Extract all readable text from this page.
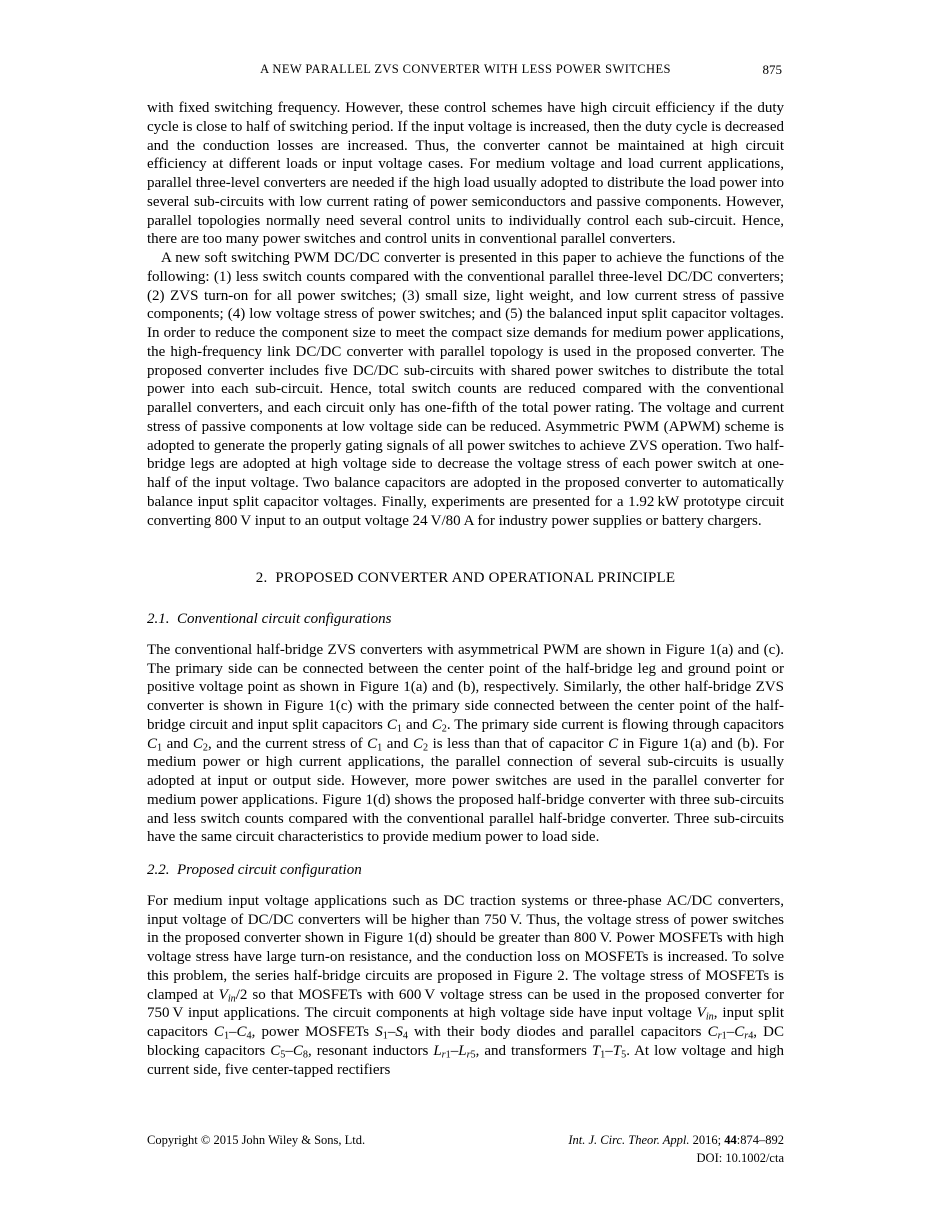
A NEW PARALLEL ZVS CONVERTER WITH LESS POWER SWITCHES	875

with fixed switching frequency. However, these control schemes have high circuit efficiency if the duty cycle is close to half of switching period. If the input voltage is increased, then the duty cycle is decreased and the conduction losses are increased. Thus, the converter cannot be maintained at high circuit efficiency at different loads or input voltage cases. For medium voltage and load current applications, parallel three-level converters are needed if the high load usually adopted to distribute the load power into several sub-circuits with low current rating of power semiconductors and passive components. However, parallel topologies normally need several control units to individually control each sub-circuit. Hence, there are too many power switches and control units in conventional parallel converters.

A new soft switching PWM DC/DC converter is presented in this paper to achieve the functions of the following: (1) less switch counts compared with the conventional parallel three-level DC/DC converters; (2) ZVS turn-on for all power switches; (3) small size, light weight, and low current stress of passive components; (4) low voltage stress of power switches; and (5) the balanced input split capacitor voltages. In order to reduce the component size to meet the compact size demands for medium power applications, the high-frequency link DC/DC converter with parallel topology is used in the proposed converter. The proposed converter includes five DC/DC sub-circuits with shared power switches to distribute the total power into each sub-circuit. Hence, total switch counts are reduced compared with the conventional parallel converters, and each circuit only has one-fifth of the total power rating. The voltage and current stress of passive components at low voltage side can be reduced. Asymmetric PWM (APWM) scheme is adopted to generate the properly gating signals of all power switches to achieve ZVS operation. Two half-bridge legs are adopted at high voltage side to decrease the voltage stress of each power switch at one-half of the input voltage. Two balance capacitors are adopted in the proposed converter to automatically balance input split capacitor voltages. Finally, experiments are presented for a 1.92 kW prototype circuit converting 800 V input to an output voltage 24 V/80 A for industry power supplies or battery chargers.

2.  PROPOSED CONVERTER AND OPERATIONAL PRINCIPLE
2.1.  Conventional circuit configurations

The conventional half-bridge ZVS converters with asymmetrical PWM are shown in Figure 1(a) and (c). The primary side can be connected between the center point of the half-bridge leg and ground point or positive voltage point as shown in Figure 1(a) and (b), respectively. Similarly, the other half-bridge ZVS converter is shown in Figure 1(c) with the primary side connected between the center point of the half-bridge circuit and input split capacitors $C_1$ and $C_2$. The primary side current is flowing through capacitors $C_1$ and $C_2$, and the current stress of $C_1$ and $C_2$ is less than that of capacitor C in Figure 1(a) and (b). For medium power or high current applications, the parallel connection of several sub-circuits is usually adopted at input or output side. However, more power switches are used in the parallel converter for medium power applications. Figure 1(d) shows the proposed half-bridge converter with three sub-circuits and less switch counts compared with the conventional parallel half-bridge converter. Three sub-circuits have the same circuit characteristics to provide medium power to load side.

2.2.  Proposed circuit configuration

For medium input voltage applications such as DC traction systems or three-phase AC/DC converters, input voltage of DC/DC converters will be higher than 750 V. Thus, the voltage stress of power switches in the proposed converter shown in Figure 1(d) should be greater than 800 V. Power MOSFETs with high voltage stress have large turn-on resistance, and the conduction loss on MOSFETs is increased. To solve this problem, the series half-bridge circuits are proposed in Figure 2. The voltage stress of MOSFETs is clamped at $V_{in}/2$ so that MOSFETs with 600 V voltage stress can be used in the proposed converter for 750 V input applications. The circuit components at high voltage side have input voltage $V_{in}$, input split capacitors $C_1-C_4$, power MOSFETs $S_1-S_4$ with their body diodes and parallel capacitors $C_{r1}-C_{r4}$, DC blocking capacitors $C_5-C_8$, resonant inductors $L_{r1}-L_{r5}$, and transformers $T_1-T_5$. At low voltage and high current side, five center-tapped rectifiers

Copyright © 2015 John Wiley & Sons, Ltd.	Int. J. Circ. Theor. Appl. 2016; 44:874–892
DOI: 10.1002/cta
